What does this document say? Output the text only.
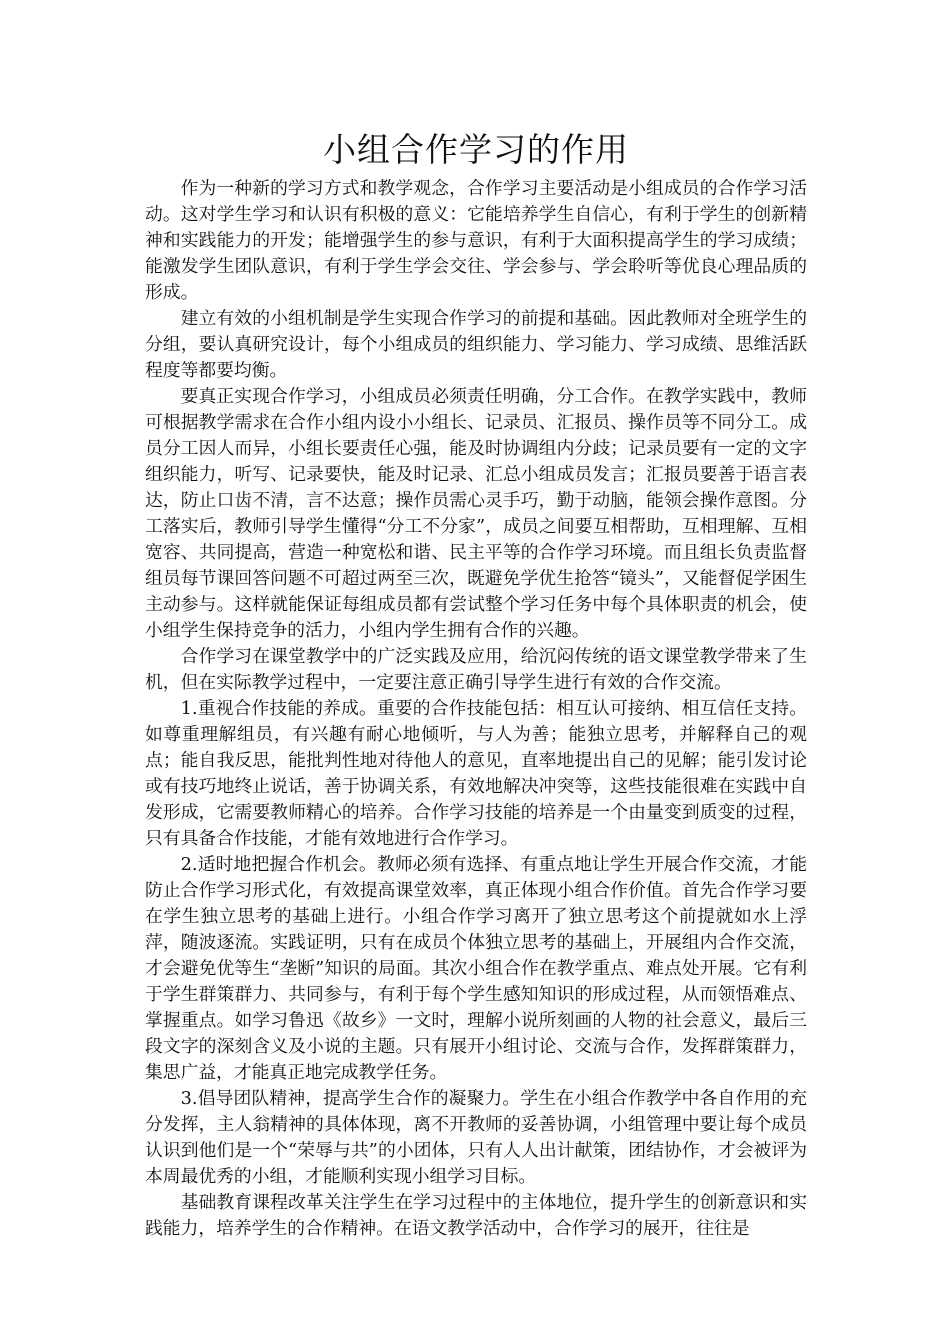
小组合作学习的作用

作为一种新的学习方式和教学观念，合作学习主要活动是小组成员的合作学习活动。这对学生学习和认识有积极的意义：它能培养学生自信心，有利于学生的创新精神和实践能力的开发；能增强学生的参与意识，有利于大面积提高学生的学习成绩；能激发学生团队意识，有利于学生学会交往、学会参与、学会聆听等优良心理品质的形成。

建立有效的小组机制是学生实现合作学习的前提和基础。因此教师对全班学生的分组，要认真研究设计，每个小组成员的组织能力、学习能力、学习成绩、思维活跃程度等都要均衡。

要真正实现合作学习，小组成员必须责任明确，分工合作。在教学实践中，教师可根据教学需求在合作小组内设小小组长、记录员、汇报员、操作员等不同分工。成员分工因人而异，小组长要责任心强，能及时协调组内分歧；记录员要有一定的文字组织能力，听写、记录要快，能及时记录、汇总小组成员发言；汇报员要善于语言表达，防止口齿不清，言不达意；操作员需心灵手巧，勤于动脑，能领会操作意图。分工落实后，教师引导学生懂得“分工不分家”，成员之间要互相帮助，互相理解、互相宽容、共同提高，营造一种宽松和谐、民主平等的合作学习环境。而且组长负责监督组员每节课回答问题不可超过两至三次，既避免学优生抢答“镜头”，又能督促学困生主动参与。这样就能保证每组成员都有尝试整个学习任务中每个具体职责的机会，使小组学生保持竞争的活力，小组内学生拥有合作的兴趣。

合作学习在课堂教学中的广泛实践及应用，给沉闷传统的语文课堂教学带来了生机，但在实际教学过程中，一定要注意正确引导学生进行有效的合作交流。

1.重视合作技能的养成。重要的合作技能包括：相互认可接纳、相互信任支持。如尊重理解组员，有兴趣有耐心地倾听，与人为善；能独立思考，并解释自己的观点；能自我反思，能批判性地对待他人的意见，直率地提出自己的见解；能引发讨论或有技巧地终止说话，善于协调关系，有效地解决冲突等，这些技能很难在实践中自发形成，它需要教师精心的培养。合作学习技能的培养是一个由量变到质变的过程，只有具备合作技能，才能有效地进行合作学习。

2.适时地把握合作机会。教师必须有选择、有重点地让学生开展合作交流，才能防止合作学习形式化，有效提高课堂效率，真正体现小组合作价值。首先合作学习要在学生独立思考的基础上进行。小组合作学习离开了独立思考这个前提就如水上浮萍，随波逐流。实践证明，只有在成员个体独立思考的基础上，开展组内合作交流，才会避免优等生“垄断”知识的局面。其次小组合作在教学重点、难点处开展。它有利于学生群策群力、共同参与，有利于每个学生感知知识的形成过程，从而领悟难点、掌握重点。如学习鲁迅《故乡》一文时，理解小说所刻画的人物的社会意义，最后三段文字的深刻含义及小说的主题。只有展开小组讨论、交流与合作，发挥群策群力，集思广益，才能真正地完成教学任务。

3.倡导团队精神，提高学生合作的凝聚力。学生在小组合作教学中各自作用的充分发挥，主人翁精神的具体体现，离不开教师的妥善协调，小组管理中要让每个成员认识到他们是一个“荣辱与共”的小团体，只有人人出计献策，团结协作，才会被评为本周最优秀的小组，才能顺利实现小组学习目标。

基础教育课程改革关注学生在学习过程中的主体地位，提升学生的创新意识和实践能力，培养学生的合作精神。在语文教学活动中，合作学习的展开，往往是
